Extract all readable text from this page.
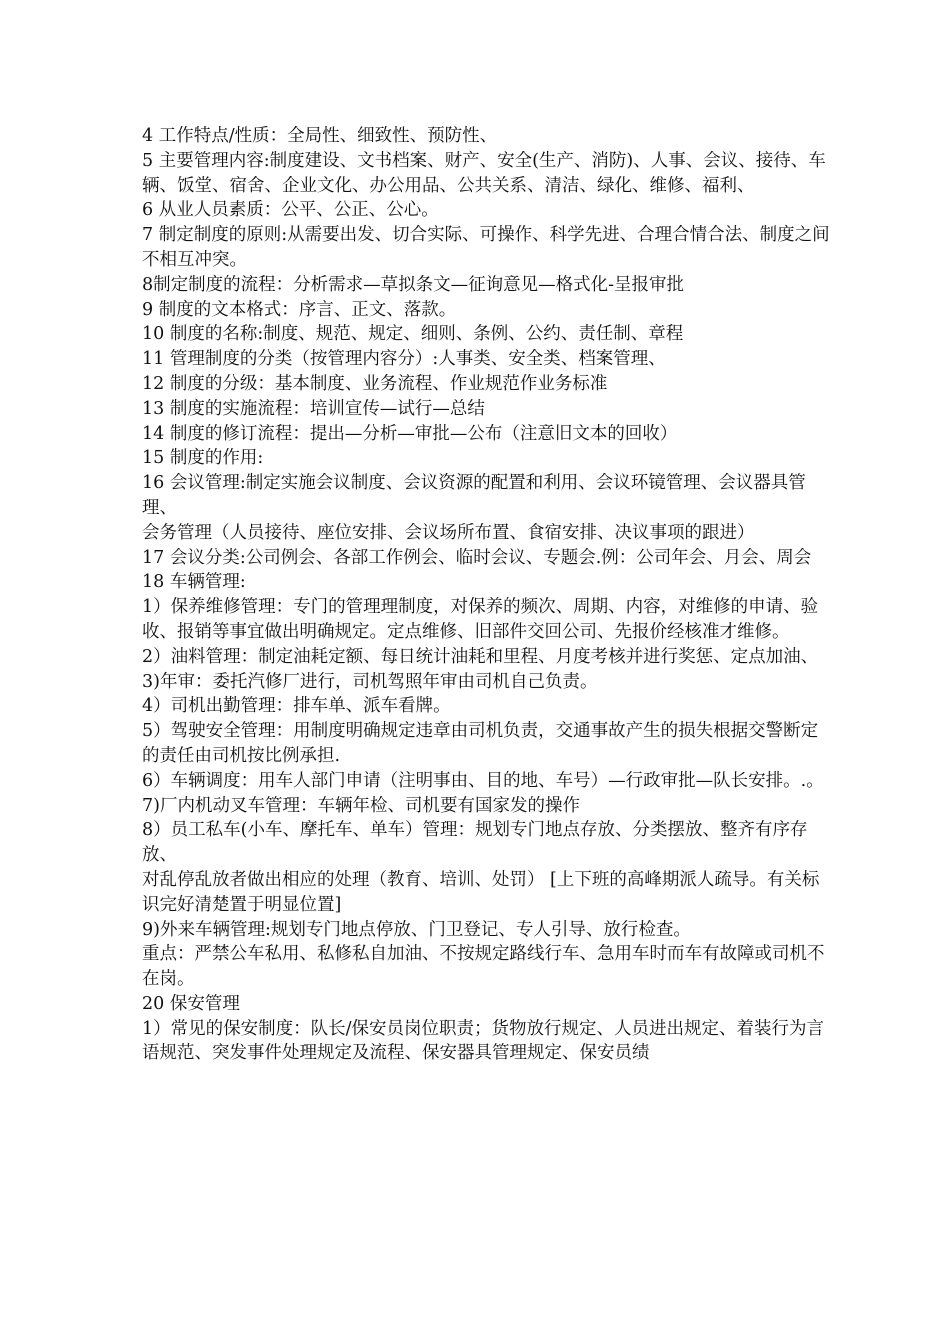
4 工作特点/性质：全局性、细致性、预防性、

5 主要管理内容:制度建设、文书档案、财产、安全(生产、消防)、人事、会议、接待、车辆、饭堂、宿舍、企业文化、办公用品、公共关系、清洁、绿化、维修、福利、

6 从业人员素质：公平、公正、公心。

7 制定制度的原则:从需要出发、切合实际、可操作、科学先进、合理合情合法、制度之间不相互冲突。

8制定制度的流程：分析需求—草拟条文—征询意见—格式化-呈报审批

9 制度的文本格式：序言、正文、落款。

10 制度的名称:制度、规范、规定、细则、条例、公约、责任制、章程

11 管理制度的分类（按管理内容分）:人事类、安全类、档案管理、

12 制度的分级：基本制度、业务流程、作业规范作业务标准

13 制度的实施流程：培训宣传—试行—总结

14 制度的修订流程：提出—分析—审批—公布（注意旧文本的回收）

15 制度的作用:

16 会议管理:制定实施会议制度、会议资源的配置和利用、会议环镜管理、会议器具管理、

会务管理（人员接待、座位安排、会议场所布置、食宿安排、决议事项的跟进）

17 会议分类:公司例会、各部工作例会、临时会议、专题会.例：公司年会、月会、周会

18 车辆管理:

1）保养维修管理：专门的管理理制度，对保养的频次、周期、内容，对维修的申请、验收、报销等事宜做出明确规定。定点维修、旧部件交回公司、先报价经核准才维修。

2）油料管理：制定油耗定额、每日统计油耗和里程、月度考核并进行奖惩、定点加油、

3)年审：委托汽修厂进行，司机驾照年审由司机自己负责。

4）司机出勤管理：排车单、派车看牌。

5）驾驶安全管理：用制度明确规定违章由司机负责，交通事故产生的损失根据交警断定的责任由司机按比例承担.

6）车辆调度：用车人部门申请（注明事由、目的地、车号）—行政审批—队长安排。.。

7)厂内机动叉车管理：车辆年检、司机要有国家发的操作

8）员工私车(小车、摩托车、单车）管理：规划专门地点存放、分类摆放、整齐有序存放、

对乱停乱放者做出相应的处理（教育、培训、处罚） [上下班的高峰期派人疏导。有关标识完好清楚置于明显位置]

9)外来车辆管理:规划专门地点停放、门卫登记、专人引导、放行检查。

重点：严禁公车私用、私修私自加油、不按规定路线行车、急用车时而车有故障或司机不在岗。

20 保安管理

1）常见的保安制度：队长/保安员岗位职责；货物放行规定、人员进出规定、着装行为言语规范、突发事件处理规定及流程、保安器具管理规定、保安员绩
